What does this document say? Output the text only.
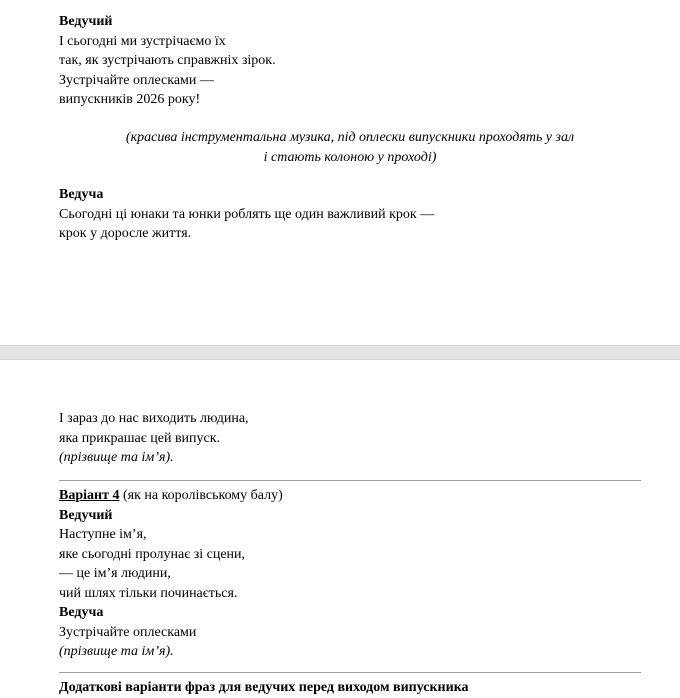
Ведучий
І сьогодні ми зустрічаємо їх
так, як зустрічають справжніх зірок.
Зустрічайте оплесками —
випускників 2026 року!
(красива інструментальна музика, під оплески випускники проходять у зал
і стають колоною у проході)
Ведуча
Сьогодні ці юнаки та юнки роблять ще один важливий крок —
крок у доросле життя.
І зараз до нас виходить людина,
яка прикрашає цей випуск.
(прізвище та ім’я).
Варіант 4 (як на королівському балу)
Ведучий
Наступне ім’я,
яке сьогодні пролунає зі сцени,
— це ім’я людини,
чий шлях тільки починається.
Ведуча
Зустрічайте оплесками
(прізвище та ім’я).
Додаткові варіанти фраз для ведучих перед виходом випускника
